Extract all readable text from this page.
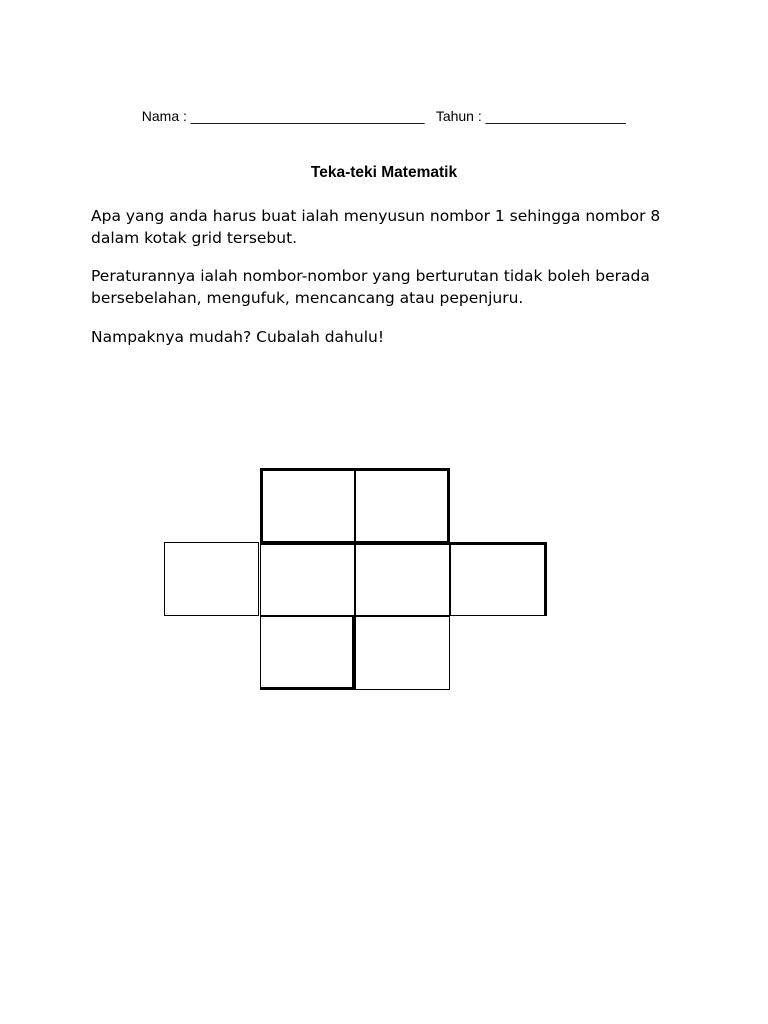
Nama : ______________________________ Tahun : __________________

Teka-teki Matematik

Apa yang anda harus buat ialah menyusun nombor 1 sehingga nombor 8 dalam kotak grid tersebut.

Peraturannya ialah nombor-nombor yang berturutan tidak boleh berada bersebelahan, mengufuk, mencancang atau pepenjuru.

Nampaknya mudah? Cubalah dahulu!
